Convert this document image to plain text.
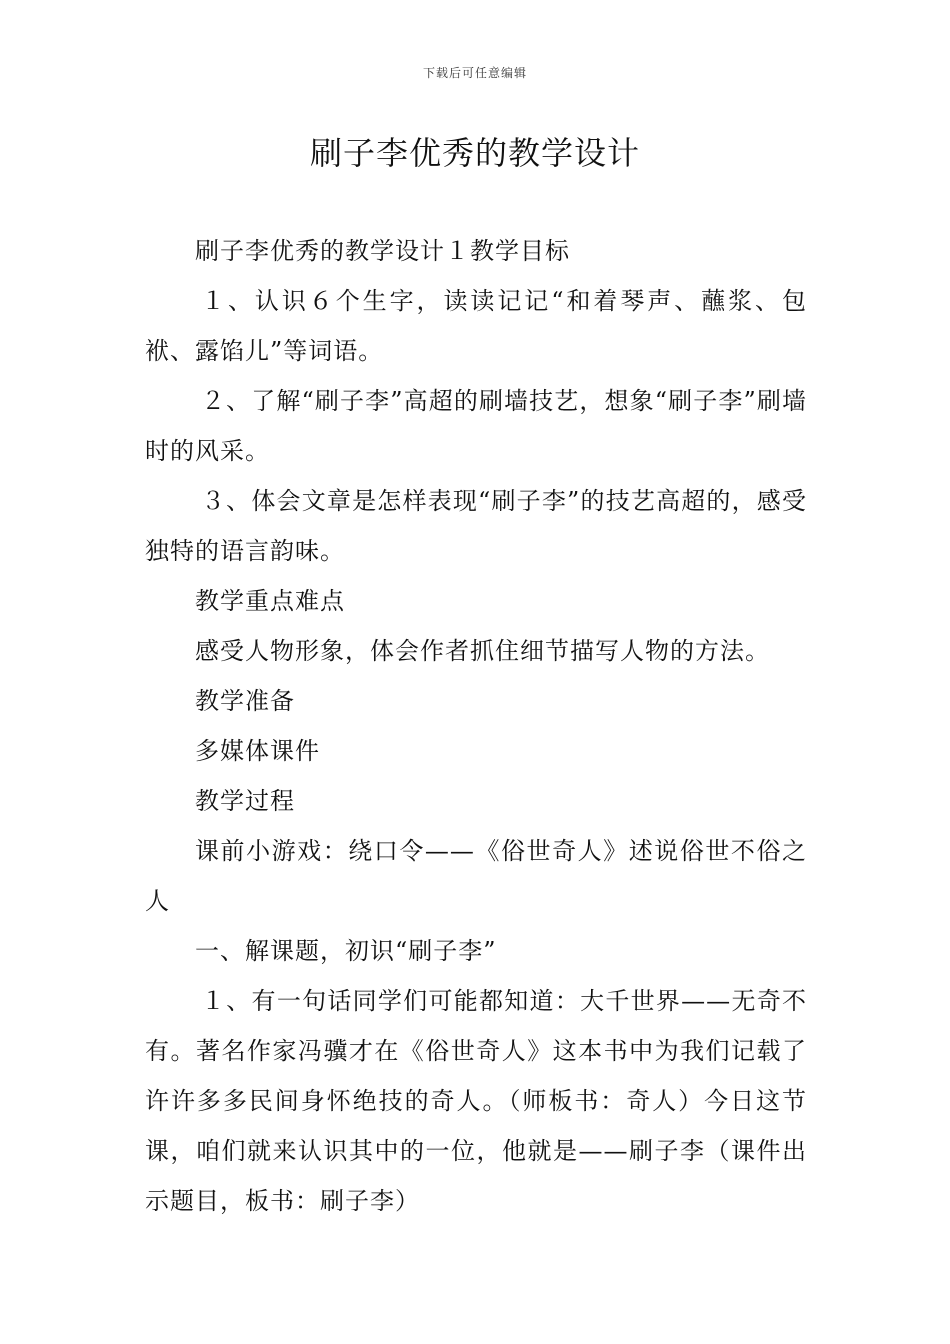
下载后可任意编辑
刷子李优秀的教学设计

刷子李优秀的教学设计１教学目标

１、认识６个生字，读读记记“和着琴声、蘸浆、包袱、露馅儿”等词语。

２、了解“刷子李”高超的刷墙技艺，想象“刷子李”刷墙时的风采。

３、体会文章是怎样表现“刷子李”的技艺高超的，感受独特的语言韵味。

教学重点难点

感受人物形象，体会作者抓住细节描写人物的方法。

教学准备

多媒体课件

教学过程

课前小游戏：绕口令——《俗世奇人》述说俗世不俗之人

一、解课题，初识“刷子李”

１、有一句话同学们可能都知道：大千世界——无奇不有。著名作家冯骥才在《俗世奇人》这本书中为我们记载了许许多多民间身怀绝技的奇人。（师板书：奇人）今日这节课，咱们就来认识其中的一位，他就是——刷子李（课件出示题目，板书：刷子李）
